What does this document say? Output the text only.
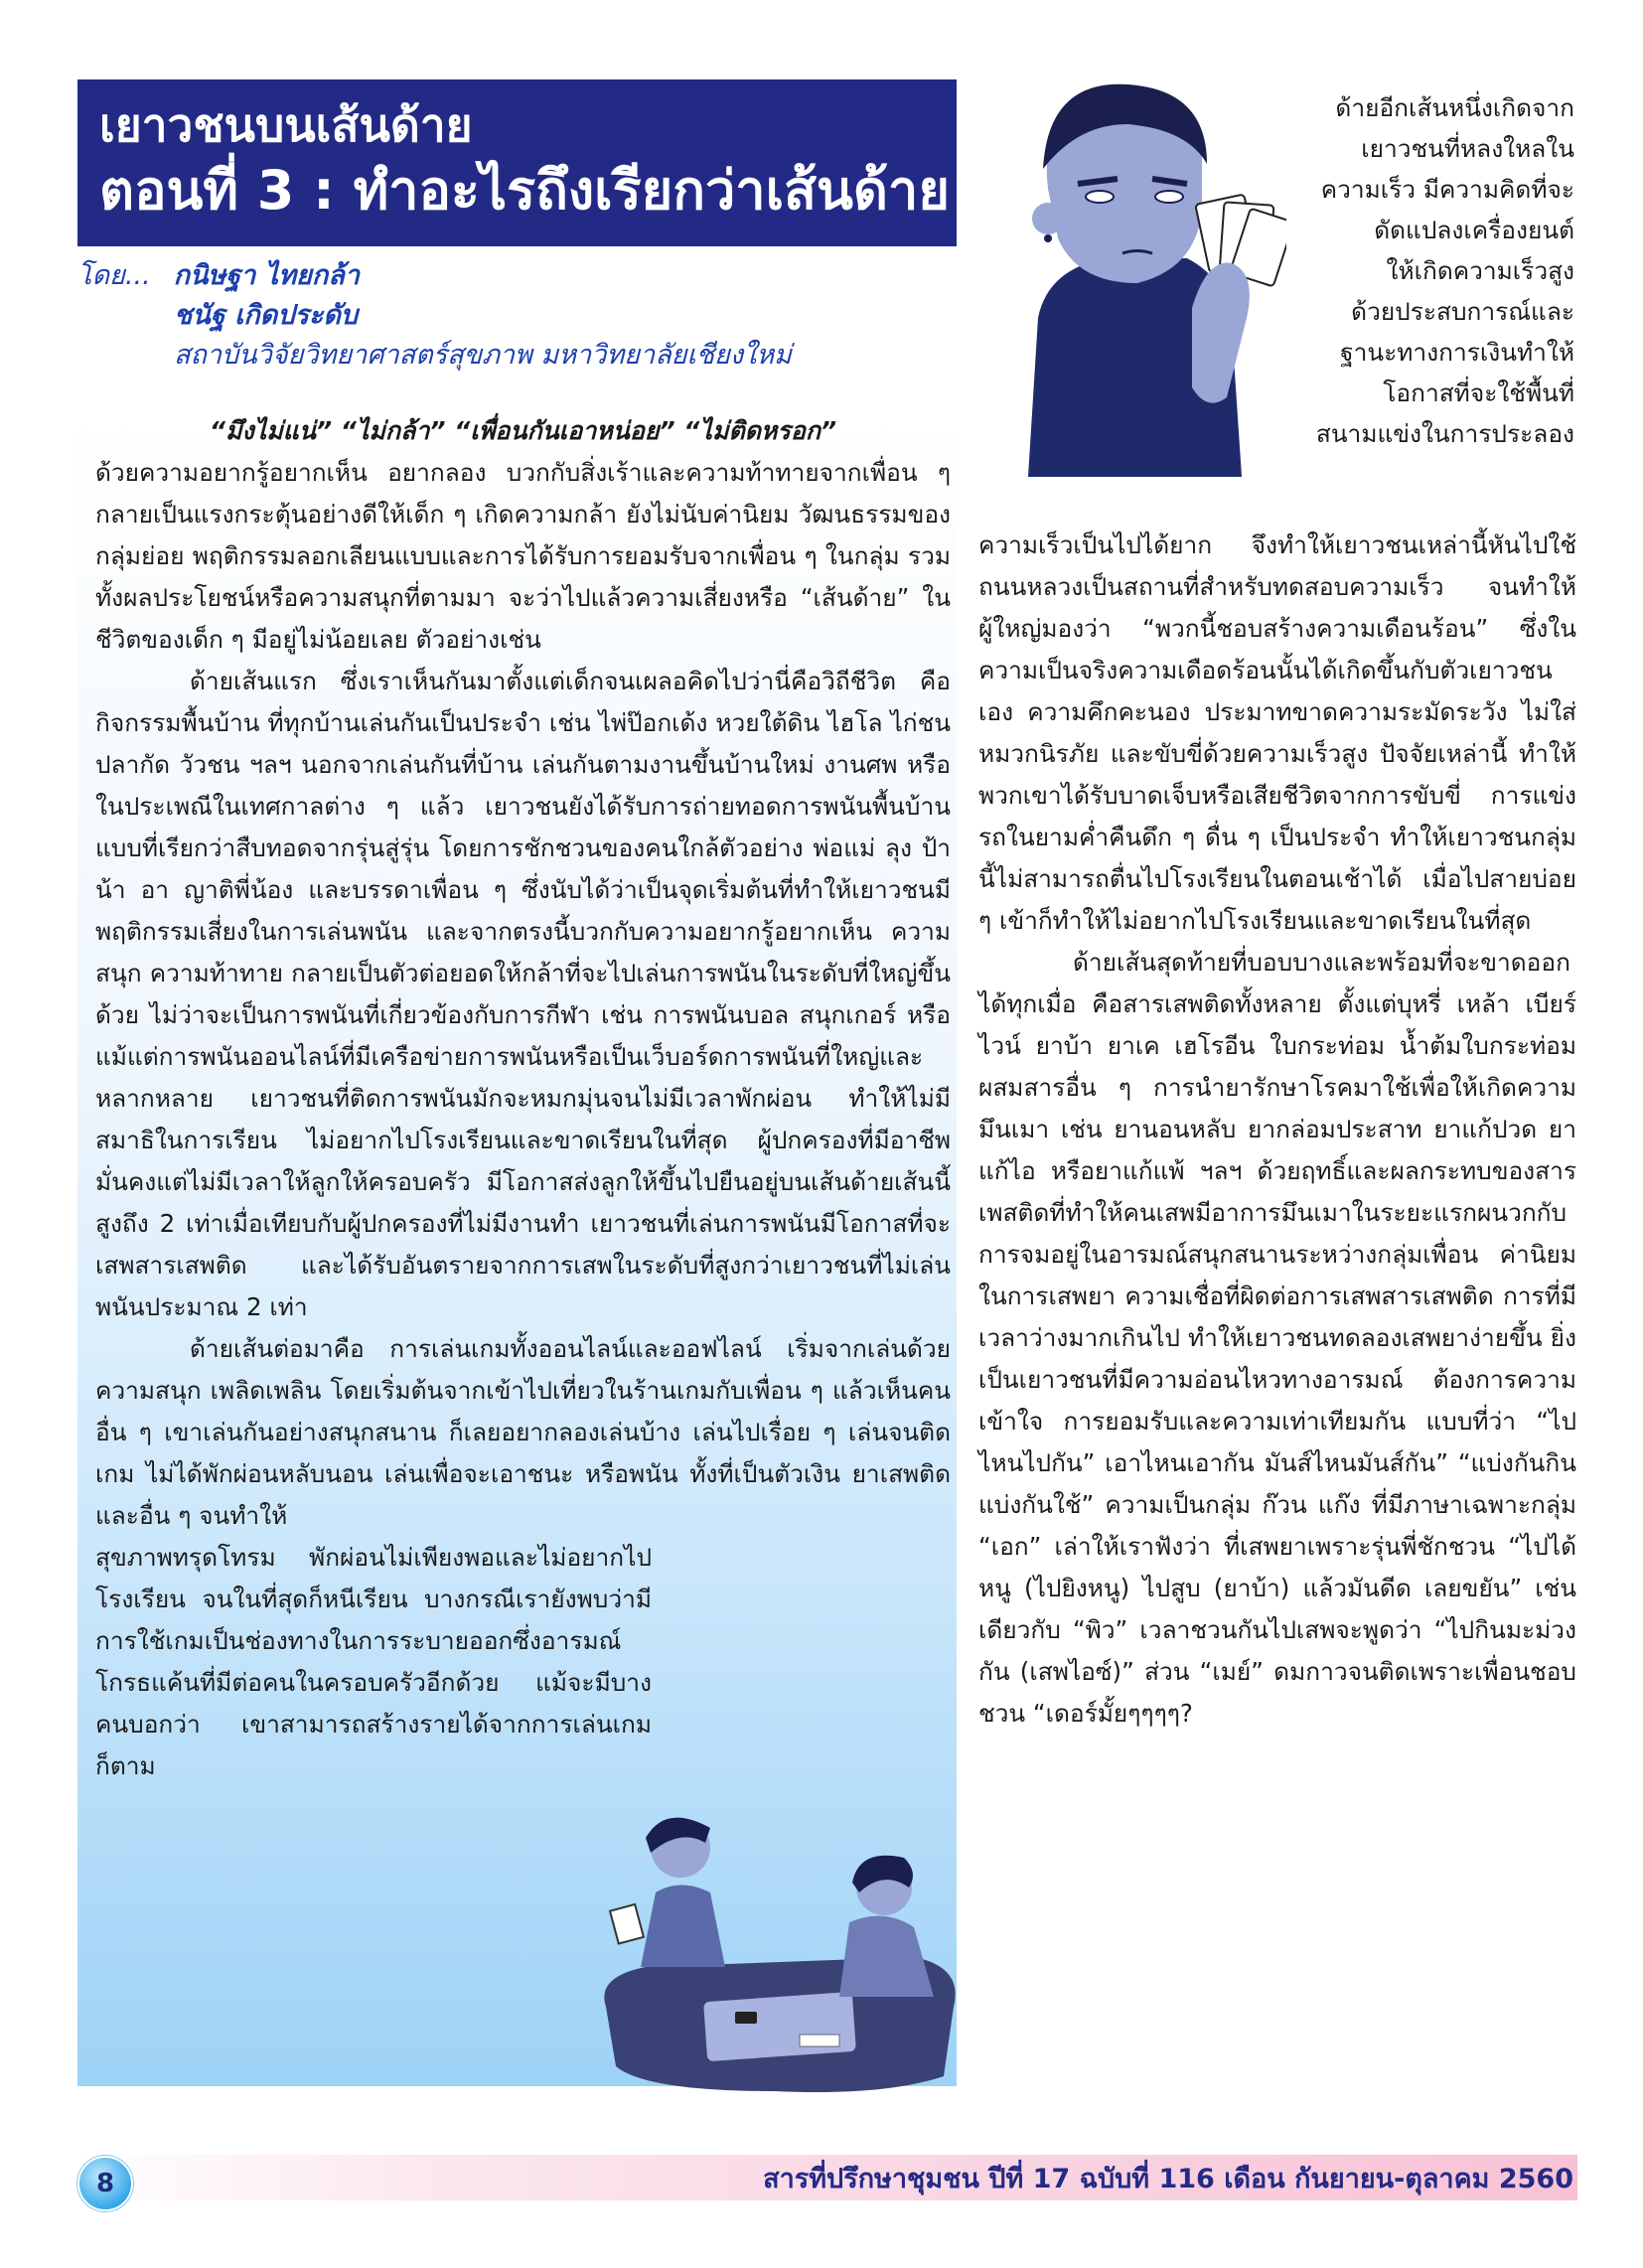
เยาวชนบนเส้นด้าย
ตอนที่ 3 : ทำอะไรถึงเรียกว่าเส้นด้าย
โดย... กนิษฐา ไทยกล้า
ชนัฐ เกิดประดับ
สถาบันวิจัยวิทยาศาสตร์สุขภาพ มหาวิทยาลัยเชียงใหม่
ด้ายอีกเส้นหนึ่งเกิดจาก
เยาวชนที่หลงใหลใน
ความเร็ว มีความคิดที่จะ
ดัดแปลงเครื่องยนต์
ให้เกิดความเร็วสูง
ด้วยประสบการณ์และ
ฐานะทางการเงินทำให้
โอกาสที่จะใช้พื้นที่
สนามแข่งในการประลอง

“มึงไม่แน่” “ไม่กล้า” “เพื่อนกันเอาหน่อย” “ไม่ติดหรอก”

ด้วยความอยากรู้อยากเห็น อยากลอง บวกกับสิ่งเร้าและความท้าทายจากเพื่อน ๆ กลายเป็นแรงกระตุ้นอย่างดีให้เด็ก ๆ เกิดความกล้า ยังไม่นับค่านิยม วัฒนธรรมของกลุ่มย่อย พฤติกรรมลอกเลียนแบบและการได้รับการยอมรับจากเพื่อน ๆ ในกลุ่ม รวมทั้งผลประโยชน์หรือความสนุกที่ตามมา จะว่าไปแล้วความเสี่ยงหรือ “เส้นด้าย” ในชีวิตของเด็ก ๆ มีอยู่ไม่น้อยเลย ตัวอย่างเช่น

ด้ายเส้นแรก ซึ่งเราเห็นกันมาตั้งแต่เด็กจนเผลอคิดไปว่านี่คือวิถีชีวิต คือกิจกรรมพื้นบ้าน ที่ทุกบ้านเล่นกันเป็นประจำ เช่น ไพ่ป๊อกเด้ง หวยใต้ดิน ไฮโล ไก่ชน ปลากัด วัวชน ฯลฯ นอกจากเล่นกันที่บ้าน เล่นกันตามงานขึ้นบ้านใหม่ งานศพ หรือในประเพณีในเทศกาลต่าง ๆ แล้ว เยาวชนยังได้รับการถ่ายทอดการพนันพื้นบ้านแบบที่เรียกว่าสืบทอดจากรุ่นสู่รุ่น โดยการชักชวนของคนใกล้ตัวอย่าง พ่อแม่ ลุง ป้า น้า อา ญาติพี่น้อง และบรรดาเพื่อน ๆ ซึ่งนับได้ว่าเป็นจุดเริ่มต้นที่ทำให้เยาวชนมีพฤติกรรมเสี่ยงในการเล่นพนัน และจากตรงนี้บวกกับความอยากรู้อยากเห็น ความสนุก ความท้าทาย กลายเป็นตัวต่อยอดให้กล้าที่จะไปเล่นการพนันในระดับที่ใหญ่ขึ้นด้วย ไม่ว่าจะเป็นการพนันที่เกี่ยวข้องกับการกีฬา เช่น การพนันบอล สนุกเกอร์ หรือแม้แต่การพนันออนไลน์ที่มีเครือข่ายการพนันหรือเป็นเว็บอร์ดการพนันที่ใหญ่และหลากหลาย เยาวชนที่ติดการพนันมักจะหมกมุ่นจนไม่มีเวลาพักผ่อน ทำให้ไม่มีสมาธิในการเรียน ไม่อยากไปโรงเรียนและขาดเรียนในที่สุด ผู้ปกครองที่มีอาชีพมั่นคงแต่ไม่มีเวลาให้ลูกให้ครอบครัว มีโอกาสส่งลูกให้ขึ้นไปยืนอยู่บนเส้นด้ายเส้นนี้สูงถึง 2 เท่าเมื่อเทียบกับผู้ปกครองที่ไม่มีงานทำ เยาวชนที่เล่นการพนันมีโอกาสที่จะเสพสารเสพติด และได้รับอันตรายจากการเสพในระดับที่สูงกว่าเยาวชนที่ไม่เล่นพนันประมาณ 2 เท่า

ด้ายเส้นต่อมาคือ การเล่นเกมทั้งออนไลน์และออฟไลน์ เริ่มจากเล่นด้วยความสนุก เพลิดเพลิน โดยเริ่มต้นจากเข้าไปเที่ยวในร้านเกมกับเพื่อน ๆ แล้วเห็นคนอื่น ๆ เขาเล่นกันอย่างสนุกสนาน ก็เลยอยากลองเล่นบ้าง เล่นไปเรื่อย ๆ เล่นจนติดเกม ไม่ได้พักผ่อนหลับนอน เล่นเพื่อจะเอาชนะ หรือพนัน ทั้งที่เป็นตัวเงิน ยาเสพติด และอื่น ๆ จนทำให้

สุขภาพทรุดโทรม พักผ่อนไม่เพียงพอและไม่อยากไปโรงเรียน จนในที่สุดก็หนีเรียน บางกรณีเรายังพบว่ามีการใช้เกมเป็นช่องทางในการระบายออกซึ่งอารมณ์โกรธแค้นที่มีต่อคนในครอบครัวอีกด้วย แม้จะมีบางคนบอกว่า เขาสามารถสร้างรายได้จากการเล่นเกมก็ตาม

ความเร็วเป็นไปได้ยาก จึงทำให้เยาวชนเหล่านี้หันไปใช้ถนนหลวงเป็นสถานที่สำหรับทดสอบความเร็ว จนทำให้ผู้ใหญ่มองว่า “พวกนี้ชอบสร้างความเดือนร้อน” ซึ่งในความเป็นจริงความเดือดร้อนนั้นได้เกิดขึ้นกับตัวเยาวชนเอง ความคึกคะนอง ประมาทขาดความระมัดระวัง ไม่ใส่หมวกนิรภัย และขับขี่ด้วยความเร็วสูง ปัจจัยเหล่านี้ ทำให้พวกเขาได้รับบาดเจ็บหรือเสียชีวิตจากการขับขี่ การแข่งรถในยามค่ำคืนดึก ๆ ดื่น ๆ เป็นประจำ ทำให้เยาวชนกลุ่มนี้ไม่สามารถตื่นไปโรงเรียนในตอนเช้าได้ เมื่อไปสายบ่อย ๆ เข้าก็ทำให้ไม่อยากไปโรงเรียนและขาดเรียนในที่สุด

ด้ายเส้นสุดท้ายที่บอบบางและพร้อมที่จะขาดออกได้ทุกเมื่อ คือสารเสพติดทั้งหลาย ตั้งแต่บุหรี่ เหล้า เบียร์ ไวน์ ยาบ้า ยาเค เฮโรอีน ใบกระท่อม น้ำต้มใบกระท่อมผสมสารอื่น ๆ การนำยารักษาโรคมาใช้เพื่อให้เกิดความมึนเมา เช่น ยานอนหลับ ยากล่อมประสาท ยาแก้ปวด ยาแก้ไอ หรือยาแก้แพ้ ฯลฯ ด้วยฤทธิ์และผลกระทบของสารเพสติดที่ทำให้คนเสพมีอาการมึนเมาในระยะแรกผนวกกับการจมอยู่ในอารมณ์สนุกสนานระหว่างกลุ่มเพื่อน ค่านิยมในการเสพยา ความเชื่อที่ผิดต่อการเสพสารเสพติด การที่มีเวลาว่างมากเกินไป ทำให้เยาวชนทดลองเสพยาง่ายขึ้น ยิ่งเป็นเยาวชนที่มีความอ่อนไหวทางอารมณ์ ต้องการความเข้าใจ การยอมรับและความเท่าเทียมกัน แบบที่ว่า “ไปไหนไปกัน” เอาไหนเอากัน มันส์ไหนมันส์กัน” “แบ่งกันกินแบ่งกันใช้” ความเป็นกลุ่ม ก๊วน แก๊ง ที่มีภาษาเฉพาะกลุ่ม “เอก” เล่าให้เราฟังว่า ที่เสพยาเพราะรุ่นพี่ชักชวน “ไปได้หนู (ไปยิงหนู) ไปสูบ (ยาบ้า) แล้วมันดีด เลยขยัน” เช่นเดียวกับ “พิว” เวลาชวนกันไปเสพจะพูดว่า “ไปกินมะม่วงกัน (เสพไอซ์)” ส่วน “เมย์” ดมกาวจนติดเพราะเพื่อนชอบชวน “เดอร์มั้ยๆๆๆๆ?

8	สารที่ปรึกษาชุมชน ปีที่ 17 ฉบับที่ 116 เดือน กันยายน-ตุลาคม 2560
